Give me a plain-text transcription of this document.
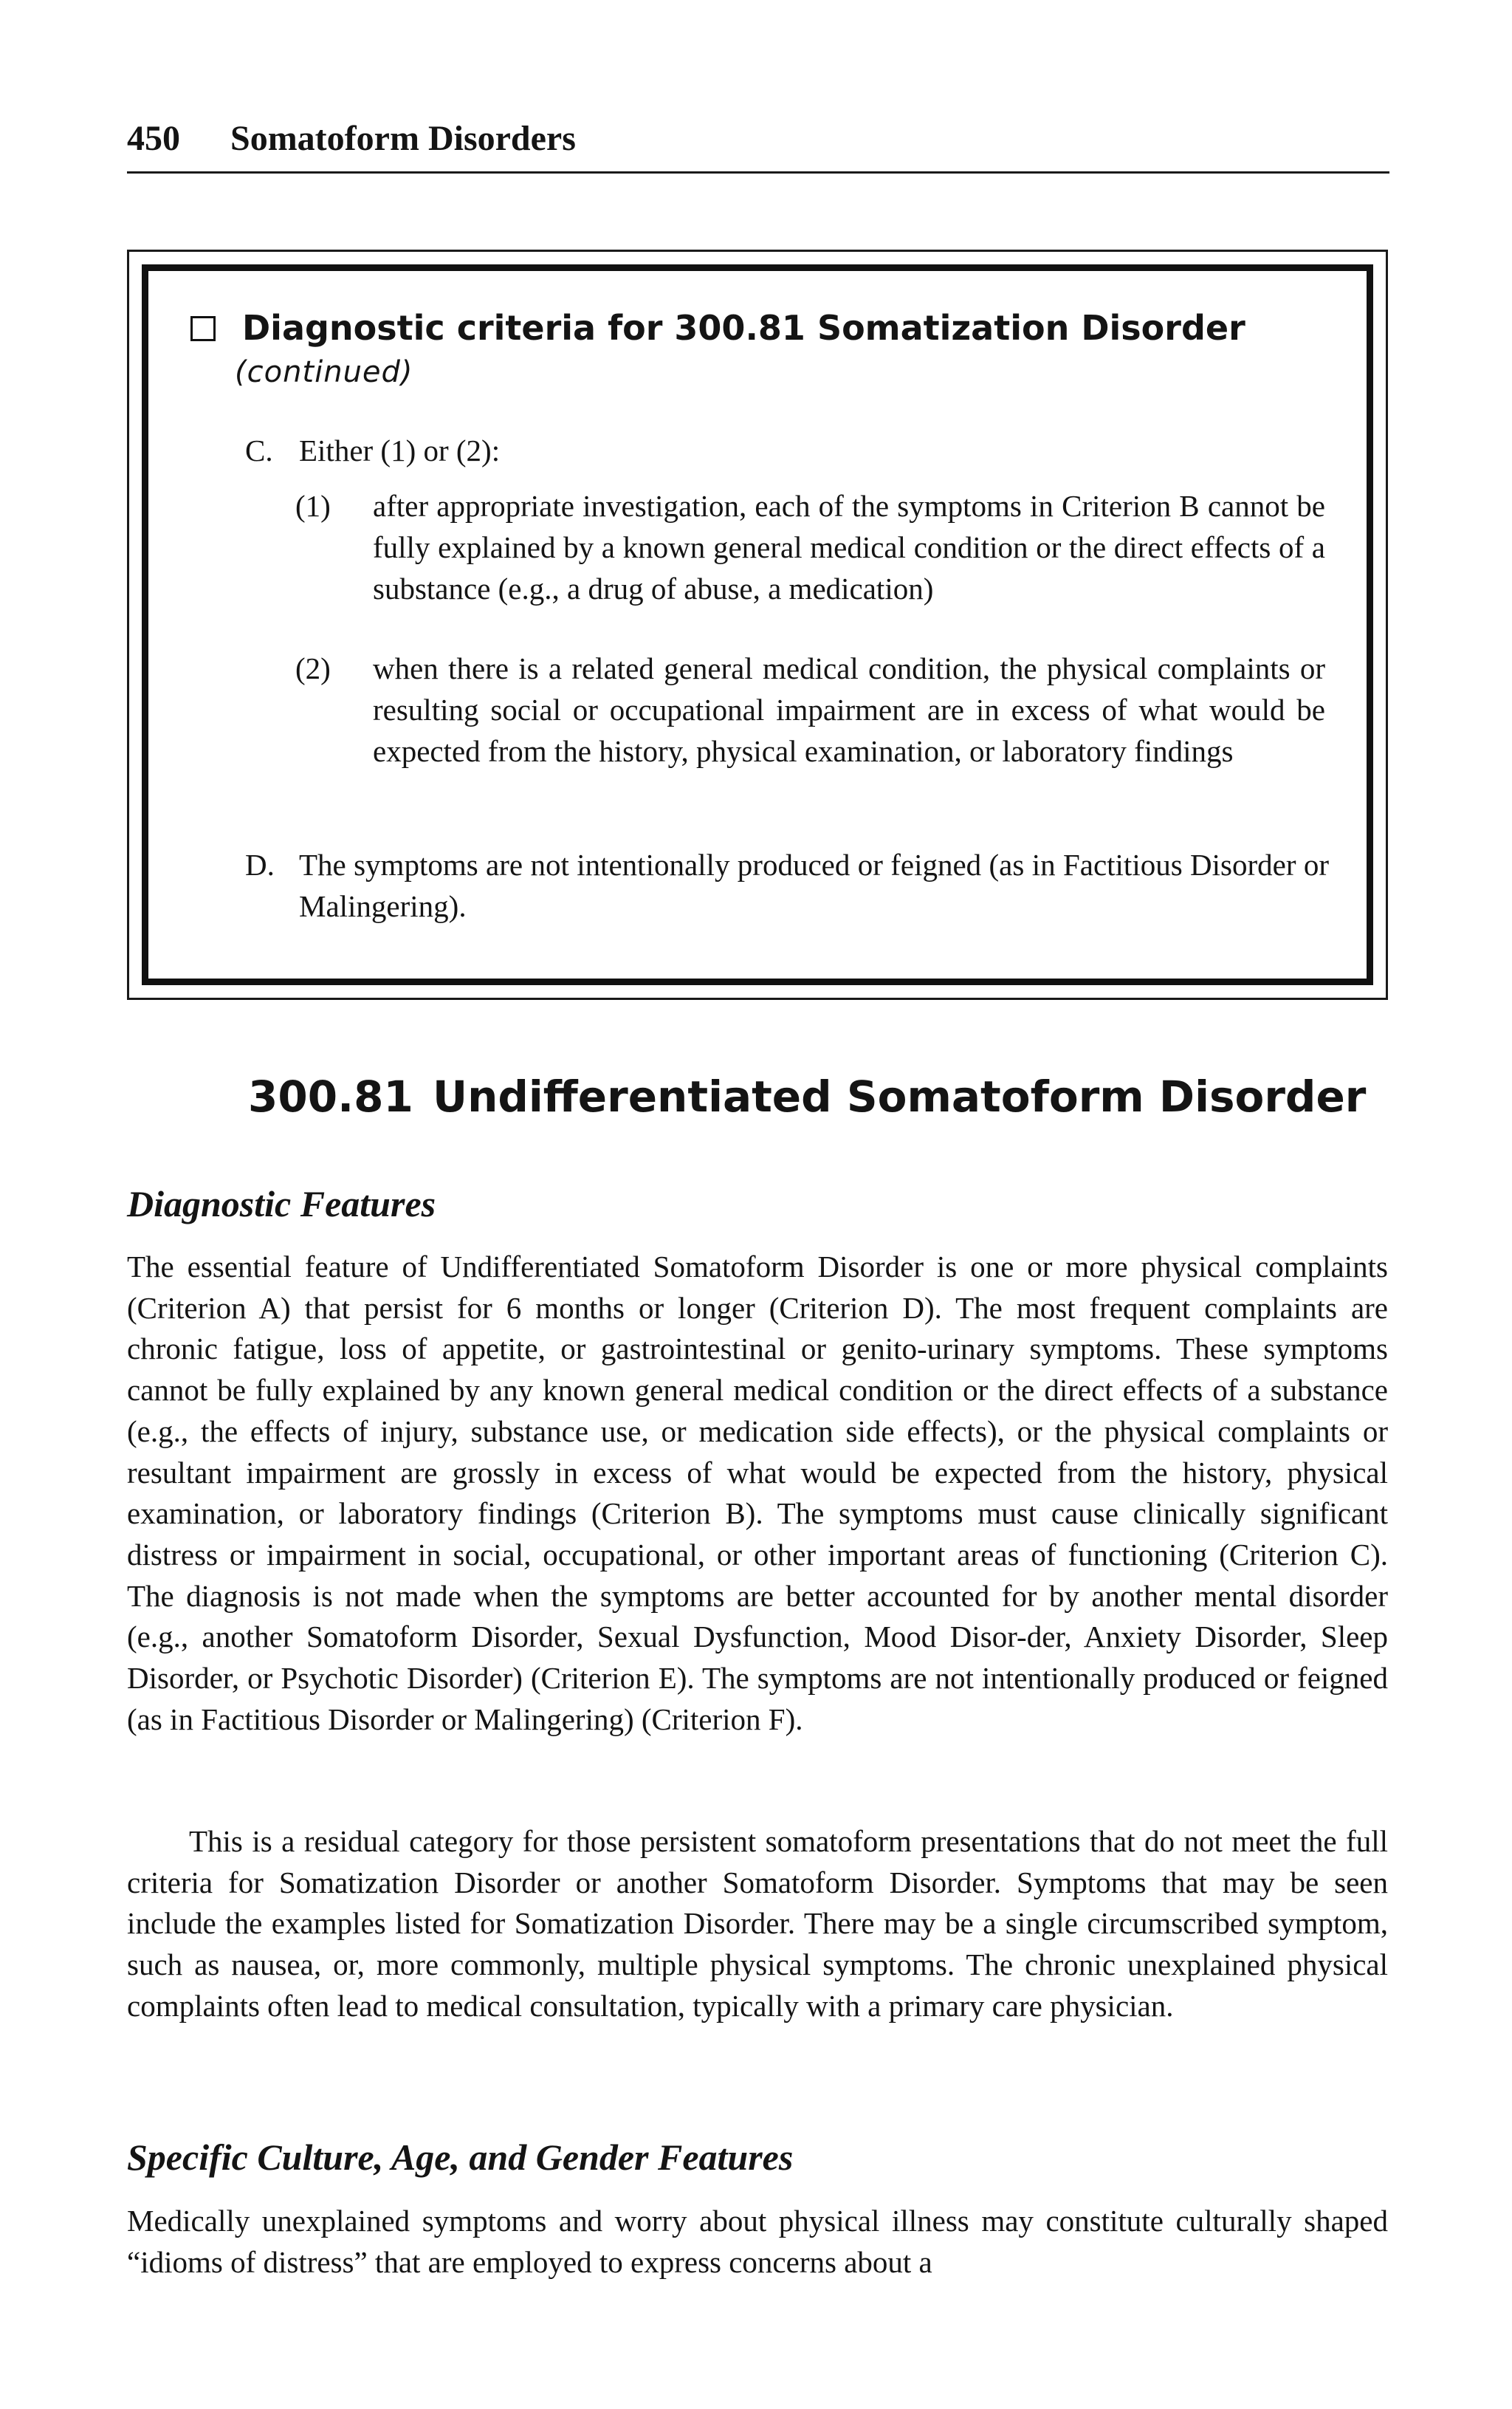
450 Somatoform Disorders
Diagnostic criteria for 300.81 Somatization Disorder
(continued)
C. Either (1) or (2):
(1) after appropriate investigation, each of the symptoms in Criterion B cannot be fully explained by a known general medical condition or the direct effects of a substance (e.g., a drug of abuse, a medication)
(2) when there is a related general medical condition, the physical complaints or resulting social or occupational impairment are in excess of what would be expected from the history, physical examination, or laboratory findings
D. The symptoms are not intentionally produced or feigned (as in Factitious Disorder or Malingering).
300.81 Undifferentiated Somatoform Disorder
Diagnostic Features
The essential feature of Undifferentiated Somatoform Disorder is one or more physical complaints (Criterion A) that persist for 6 months or longer (Criterion D). The most frequent complaints are chronic fatigue, loss of appetite, or gastrointestinal or genito-urinary symptoms. These symptoms cannot be fully explained by any known general medical condition or the direct effects of a substance (e.g., the effects of injury, substance use, or medication side effects), or the physical complaints or resultant impairment are grossly in excess of what would be expected from the history, physical examination, or laboratory findings (Criterion B). The symptoms must cause clinically significant distress or impairment in social, occupational, or other important areas of functioning (Criterion C). The diagnosis is not made when the symptoms are better accounted for by another mental disorder (e.g., another Somatoform Disorder, Sexual Dysfunction, Mood Disor-der, Anxiety Disorder, Sleep Disorder, or Psychotic Disorder) (Criterion E). The symptoms are not intentionally produced or feigned (as in Factitious Disorder or Malingering) (Criterion F).
This is a residual category for those persistent somatoform presentations that do not meet the full criteria for Somatization Disorder or another Somatoform Disorder. Symptoms that may be seen include the examples listed for Somatization Disorder. There may be a single circumscribed symptom, such as nausea, or, more commonly, multiple physical symptoms. The chronic unexplained physical complaints often lead to medical consultation, typically with a primary care physician.
Specific Culture, Age, and Gender Features
Medically unexplained symptoms and worry about physical illness may constitute culturally shaped “idioms of distress” that are employed to express concerns about a
